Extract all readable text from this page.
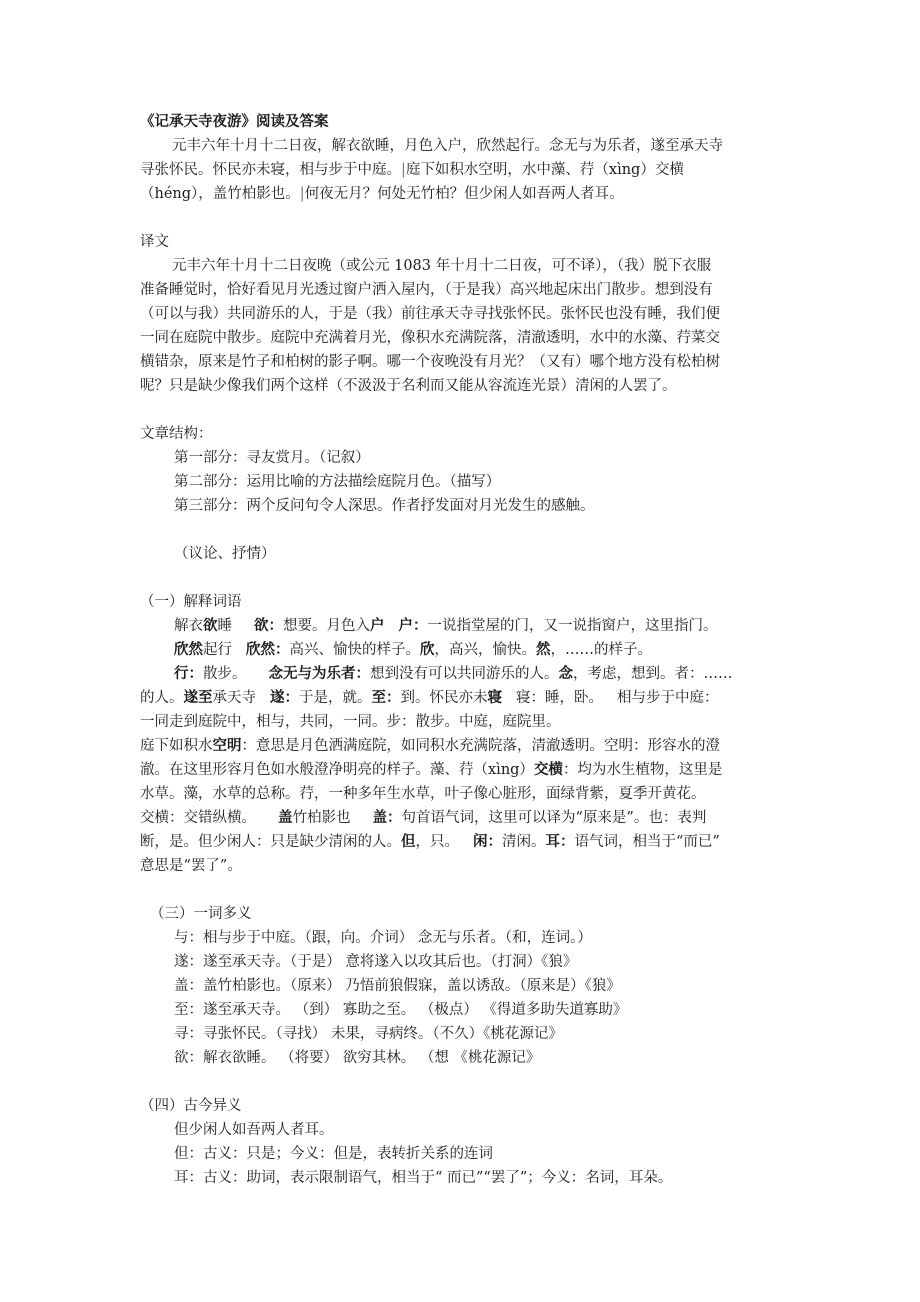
《记承天寺夜游》阅读及答案
元丰六年十月十二日夜，解衣欲睡，月色入户，欣然起行。念无与为乐者，遂至承天寺
寻张怀民。怀民亦未寝，相与步于中庭。|庭下如积水空明，水中藻、荇（xìng）交横
（héng），盖竹柏影也。|何夜无月？何处无竹柏？但少闲人如吾两人者耳。
译文
元丰六年十月十二日夜晚（或公元 1083 年十月十二日夜，可不译），（我）脱下衣服
准备睡觉时，恰好看见月光透过窗户洒入屋内，（于是我）高兴地起床出门散步。想到没有
（可以与我）共同游乐的人，于是（我）前往承天寺寻找张怀民。张怀民也没有睡，我们便
一同在庭院中散步。庭院中充满着月光，像积水充满院落，清澈透明，水中的水藻、荇菜交
横错杂，原来是竹子和柏树的影子啊。哪一个夜晚没有月光？（又有）哪个地方没有松柏树
呢？只是缺少像我们两个这样（不汲汲于名利而又能从容流连光景）清闲的人罢了。
文章结构：
第一部分：寻友赏月。（记叙）
第二部分：运用比喻的方法描绘庭院月色。（描写）
第三部分：两个反问句令人深思。作者抒发面对月光发生的感触。
（议论、抒情）
（一）解释词语
解衣欲睡 欲：想要。月色入户 户：一说指堂屋的门，又一说指窗户，这里指门。
欣然起行 欣然：高兴、愉快的样子。欣，高兴，愉快。然，……的样子。
行：散步。 念无与为乐者：想到没有可以共同游乐的人。念，考虑，想到。者：……
的人。遂至承天寺 遂：于是，就。至：到。怀民亦未寝 寝：睡，卧。 相与步于中庭：
一同走到庭院中，相与，共同，一同。步：散步。中庭，庭院里。
庭下如积水空明：意思是月色洒满庭院，如同积水充满院落，清澈透明。空明：形容水的澄
澈。在这里形容月色如水般澄净明亮的样子。藻、荇（xìng）交横：均为水生植物，这里是
水草。藻，水草的总称。荇，一种多年生水草，叶子像心脏形，面绿背紫，夏季开黄花。
交横：交错纵横。 盖竹柏影也 盖：句首语气词，这里可以译为“原来是”。也：表判
断，是。但少闲人：只是缺少清闲的人。但，只。 闲：清闲。耳：语气词，相当于“而已”
意思是“罢了”。
（三）一词多义
与：相与步于中庭。（跟，向。介词） 念无与乐者。（和，连词。）
遂：遂至承天寺。（于是） 意将遂入以攻其后也。（打洞）《狼》
盖：盖竹柏影也。（原来） 乃悟前狼假寐，盖以诱敌。（原来是）《狼》
至：遂至承天寺。 （到） 寡助之至。 （极点） 《得道多助失道寡助》
寻：寻张怀民。（寻找） 未果，寻病终。（不久）《桃花源记》
欲：解衣欲睡。 （将要） 欲穷其林。 （想 《桃花源记》
（四）古今异义
但少闲人如吾两人者耳。
但：古义：只是；今义：但是，表转折关系的连词
耳：古义：助词，表示限制语气，相当于“ 而已”“罢了”；今义：名词，耳朵。
